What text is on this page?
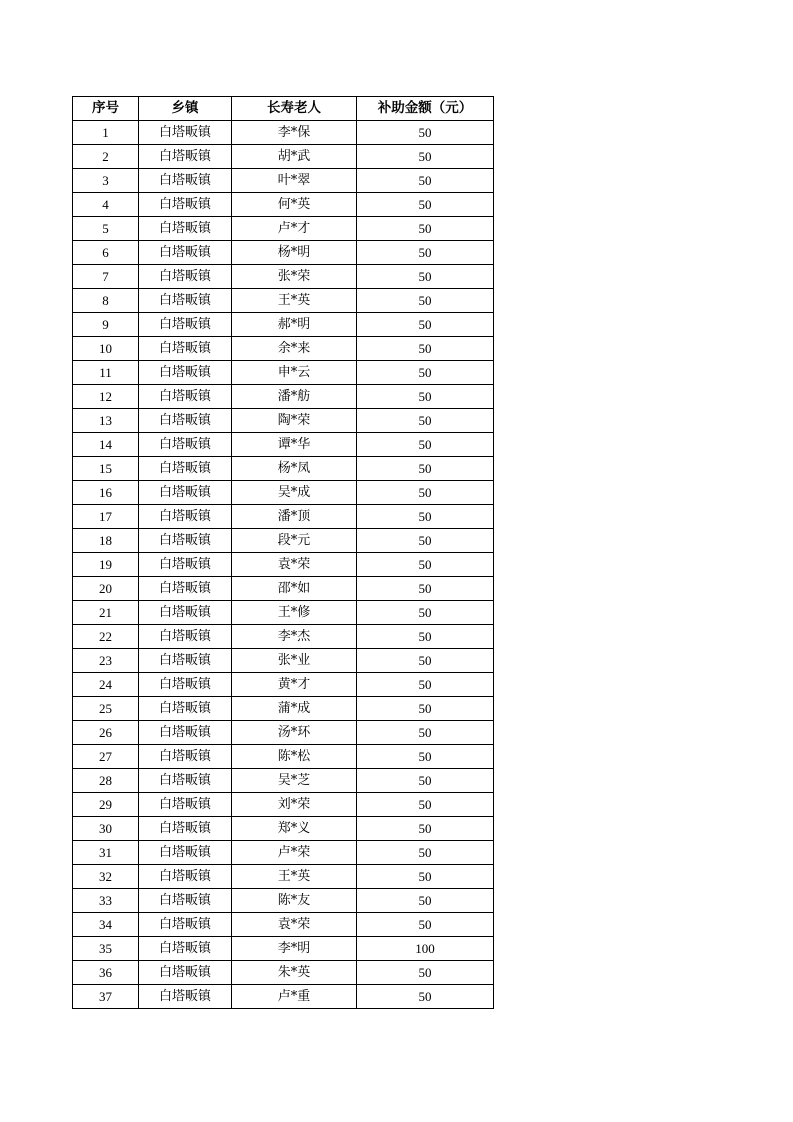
序号	乡镇	长寿老人	补助金额（元）
1	白塔畈镇	李*保	50
2	白塔畈镇	胡*武	50
3	白塔畈镇	叶*翠	50
4	白塔畈镇	何*英	50
5	白塔畈镇	卢*才	50
6	白塔畈镇	杨*明	50
7	白塔畈镇	张*荣	50
8	白塔畈镇	王*英	50
9	白塔畈镇	郝*明	50
10	白塔畈镇	余*来	50
11	白塔畈镇	申*云	50
12	白塔畈镇	潘*舫	50
13	白塔畈镇	陶*荣	50
14	白塔畈镇	谭*华	50
15	白塔畈镇	杨*凤	50
16	白塔畈镇	吴*成	50
17	白塔畈镇	潘*顶	50
18	白塔畈镇	段*元	50
19	白塔畈镇	袁*荣	50
20	白塔畈镇	邵*如	50
21	白塔畈镇	王*修	50
22	白塔畈镇	李*杰	50
23	白塔畈镇	张*业	50
24	白塔畈镇	黄*才	50
25	白塔畈镇	蒲*成	50
26	白塔畈镇	汤*环	50
27	白塔畈镇	陈*松	50
28	白塔畈镇	吴*芝	50
29	白塔畈镇	刘*荣	50
30	白塔畈镇	郑*义	50
31	白塔畈镇	卢*荣	50
32	白塔畈镇	王*英	50
33	白塔畈镇	陈*友	50
34	白塔畈镇	袁*荣	50
35	白塔畈镇	李*明	100
36	白塔畈镇	朱*英	50
37	白塔畈镇	卢*重	50
